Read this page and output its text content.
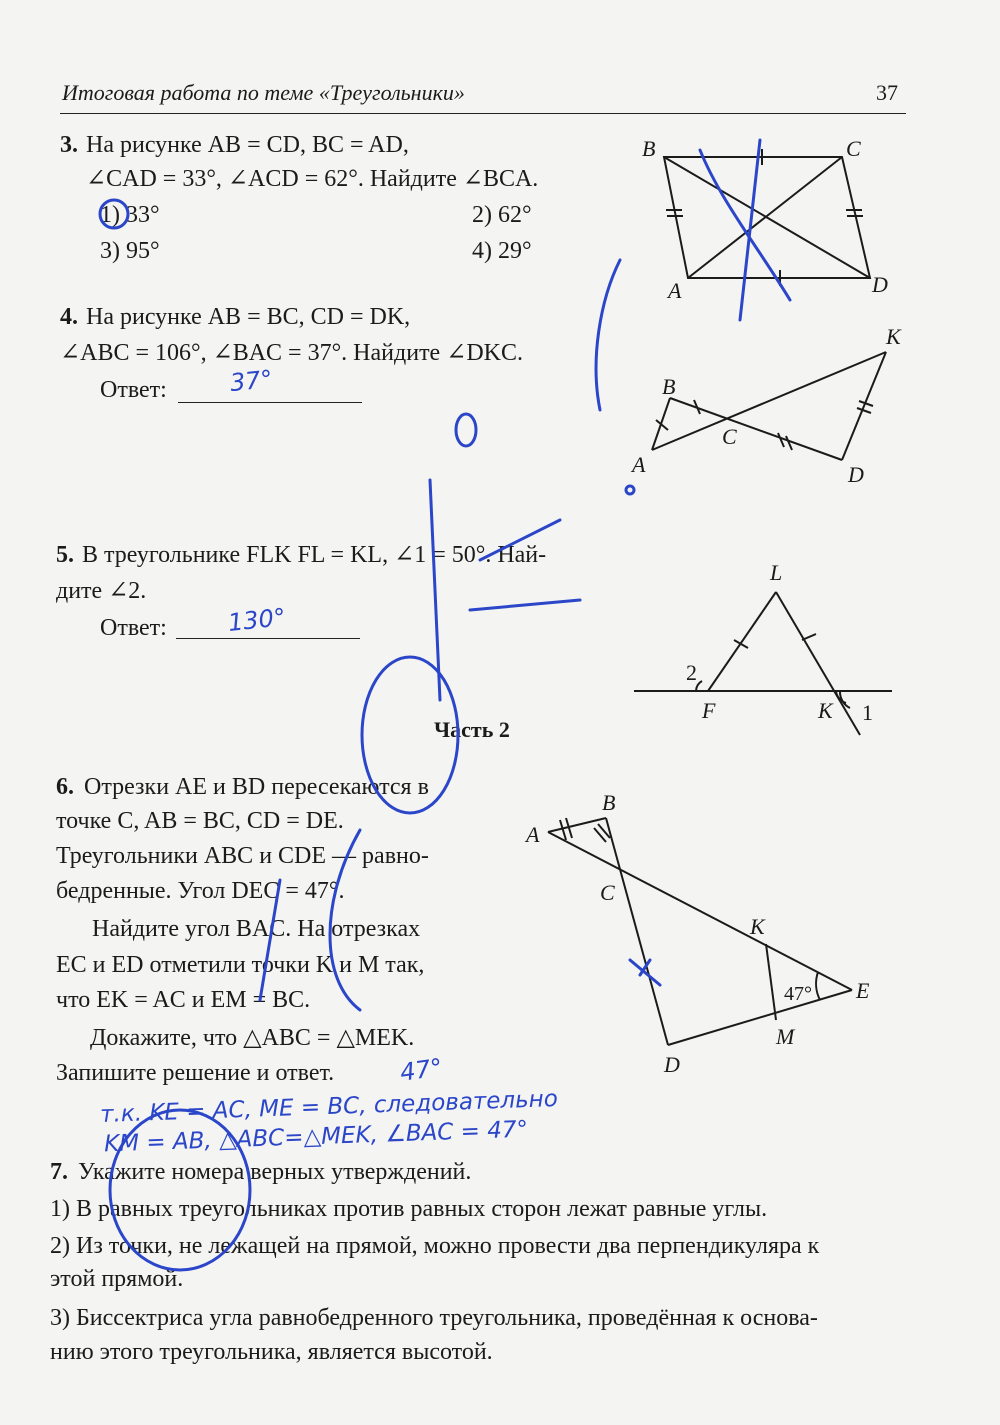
Итоговая работа по теме «Треугольники»	37
3. На рисунке AB = CD, BC = AD,
∠CAD = 33°, ∠ACD = 62°. Найдите ∠BCA.
1) 33°	2) 62°
3) 95°	4) 29°
4. На рисунке AB = BC, CD = DK,
∠ABC = 106°, ∠BAC = 37°. Найдите ∠DKC.
Ответ:	37°
5. В треугольнике FLK FL = KL, ∠1 = 50°. Най-
дите ∠2.
Ответ: 130°
Часть 2
6. Отрезки AE и BD пересекаются в
точке C, AB = BC, CD = DE.
Треугольники ABC и CDE — равно-
бедренные. Угол DEC = 47°.
Найдите угол BAC. На отрезках
EC и ED отметили точки K и M так,
что EK = AC и EM = BC.
Докажите, что △ABC = △MEK.
Запишите решение и ответ.	47°
т.к. KE = AC, ME = BC, следовательно
KM = AB, △ABC=△MEK, ∠BAC = 47°
7. Укажите номера верных утверждений.
1) В равных треугольниках против равных сторон лежат равные углы.
2) Из точки, не лежащей на прямой, можно провести два перпендикуляра к
этой прямой.
3) Биссектриса угла равнобедренного треугольника, проведённая к основа-
нию этого треугольника, является высотой.
B	C
A	D
K
B
C
A	D
L
F	K
2
1
A
B
C
K
E
M
D
47°
